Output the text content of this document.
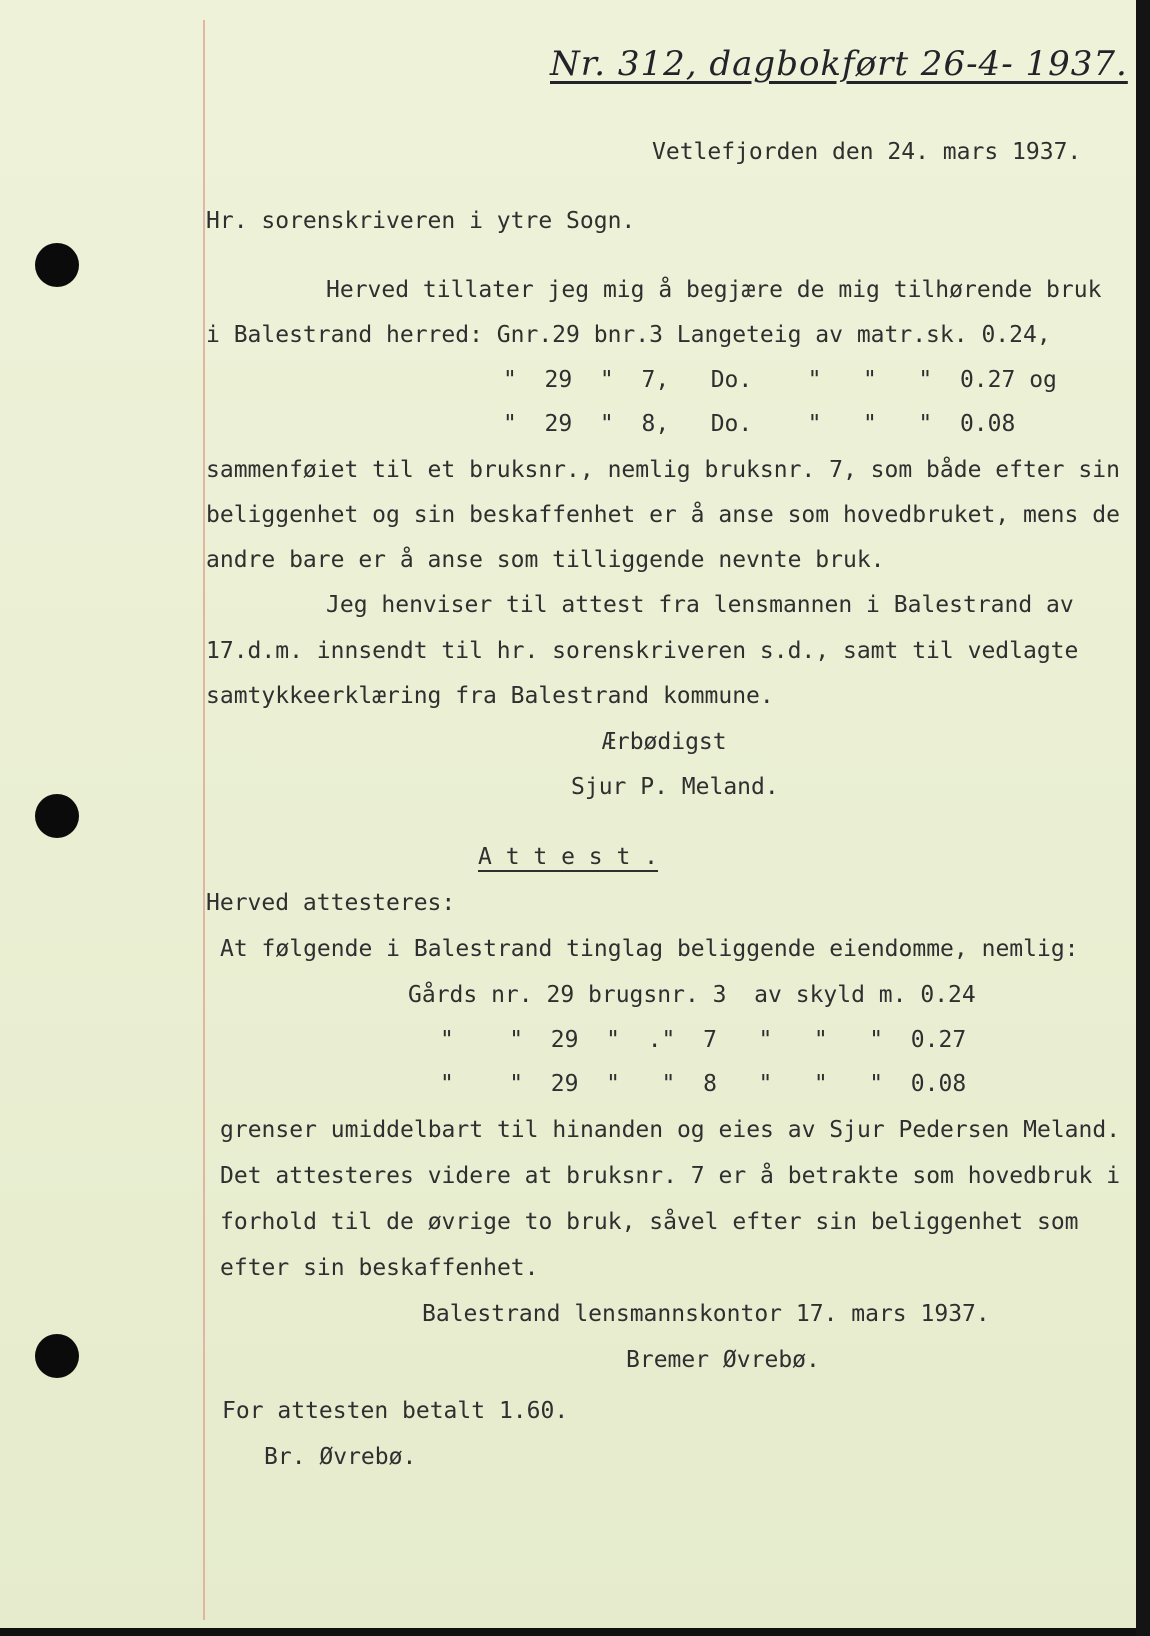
Nr. 312, dagbokført 26-4- 1937.
Vetlefjorden den 24. mars 1937.
Hr. sorenskriveren i ytre Sogn.
Herved tillater jeg mig å begjære de mig tilhørende bruk
i Balestrand herred: Gnr.29 bnr.3 Langeteig av matr.sk. 0.24,
"  29  "  7,   Do.    "   "   "  0.27 og
"  29  "  8,   Do.    "   "   "  0.08
sammenføiet til et bruksnr., nemlig bruksnr. 7, som både efter sin
beliggenhet og sin beskaffenhet er å anse som hovedbruket, mens de
andre bare er å anse som tilliggende nevnte bruk.
Jeg henviser til attest fra lensmannen i Balestrand av
17.d.m. innsendt til hr. sorenskriveren s.d., samt til vedlagte
samtykkeerklæring fra Balestrand kommune.
Ærbødigst
Sjur P. Meland.
A t t e s t .
Herved attesteres:
At følgende i Balestrand tinglag beliggende eiendomme, nemlig:
Gårds nr. 29 brugsnr. 3  av skyld m. 0.24
"    "  29  "  ."  7   "   "   "  0.27
"    "  29  "   "  8   "   "   "  0.08
grenser umiddelbart til hinanden og eies av Sjur Pedersen Meland.
Det attesteres videre at bruksnr. 7 er å betrakte som hovedbruk i
forhold til de øvrige to bruk, såvel efter sin beliggenhet som
efter sin beskaffenhet.
Balestrand lensmannskontor 17. mars 1937.
Bremer Øvrebø.
For attesten betalt 1.60.
Br. Øvrebø.
